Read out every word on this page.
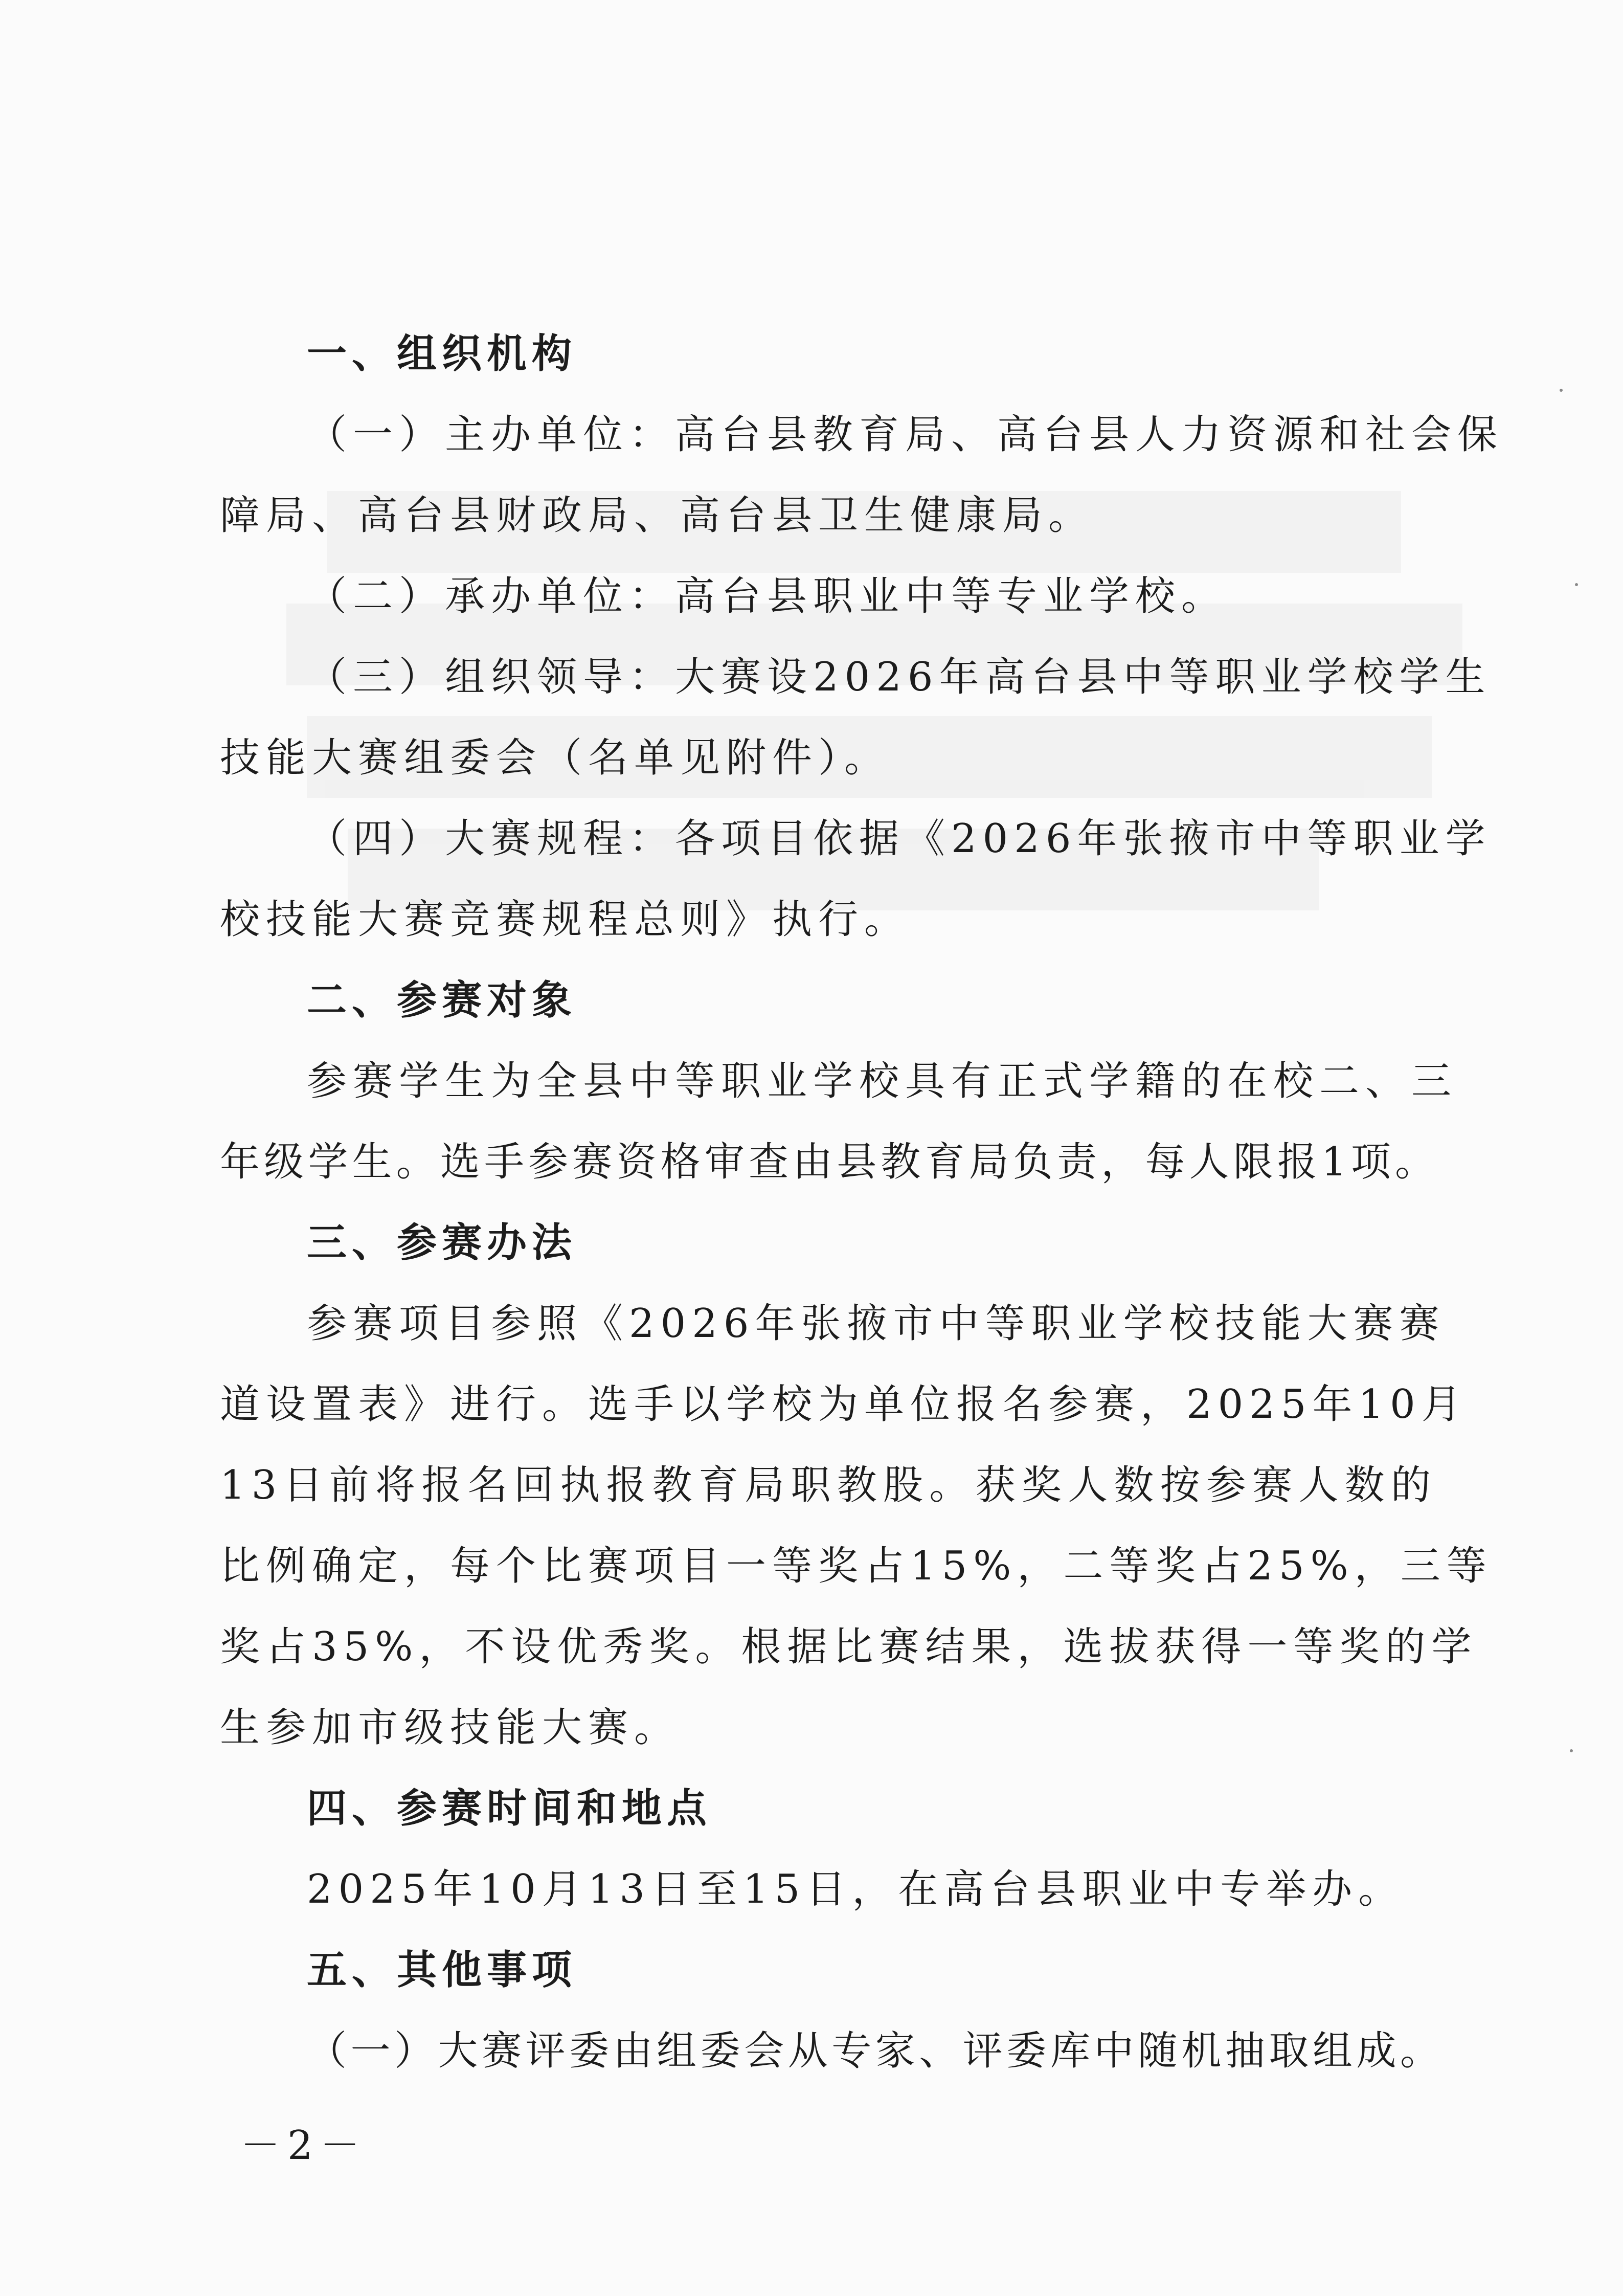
一、组织机构
（一）主办单位：高台县教育局、高台县人力资源和社会保
障局、高台县财政局、高台县卫生健康局。
（二）承办单位：高台县职业中等专业学校。
（三）组织领导：大赛设2026年高台县中等职业学校学生
技能大赛组委会（名单见附件）。
（四）大赛规程：各项目依据《2026年张掖市中等职业学
校技能大赛竞赛规程总则》执行。
二、参赛对象
参赛学生为全县中等职业学校具有正式学籍的在校二、三
年级学生。选手参赛资格审查由县教育局负责，每人限报1项。
三、参赛办法
参赛项目参照《2026年张掖市中等职业学校技能大赛赛
道设置表》进行。选手以学校为单位报名参赛，2025年10月
13日前将报名回执报教育局职教股。获奖人数按参赛人数的
比例确定，每个比赛项目一等奖占15%，二等奖占25%，三等
奖占35%，不设优秀奖。根据比赛结果，选拔获得一等奖的学
生参加市级技能大赛。
四、参赛时间和地点
2025年10月13日至15日，在高台县职业中专举办。
五、其他事项
（一）大赛评委由组委会从专家、评委库中随机抽取组成。
－2－
